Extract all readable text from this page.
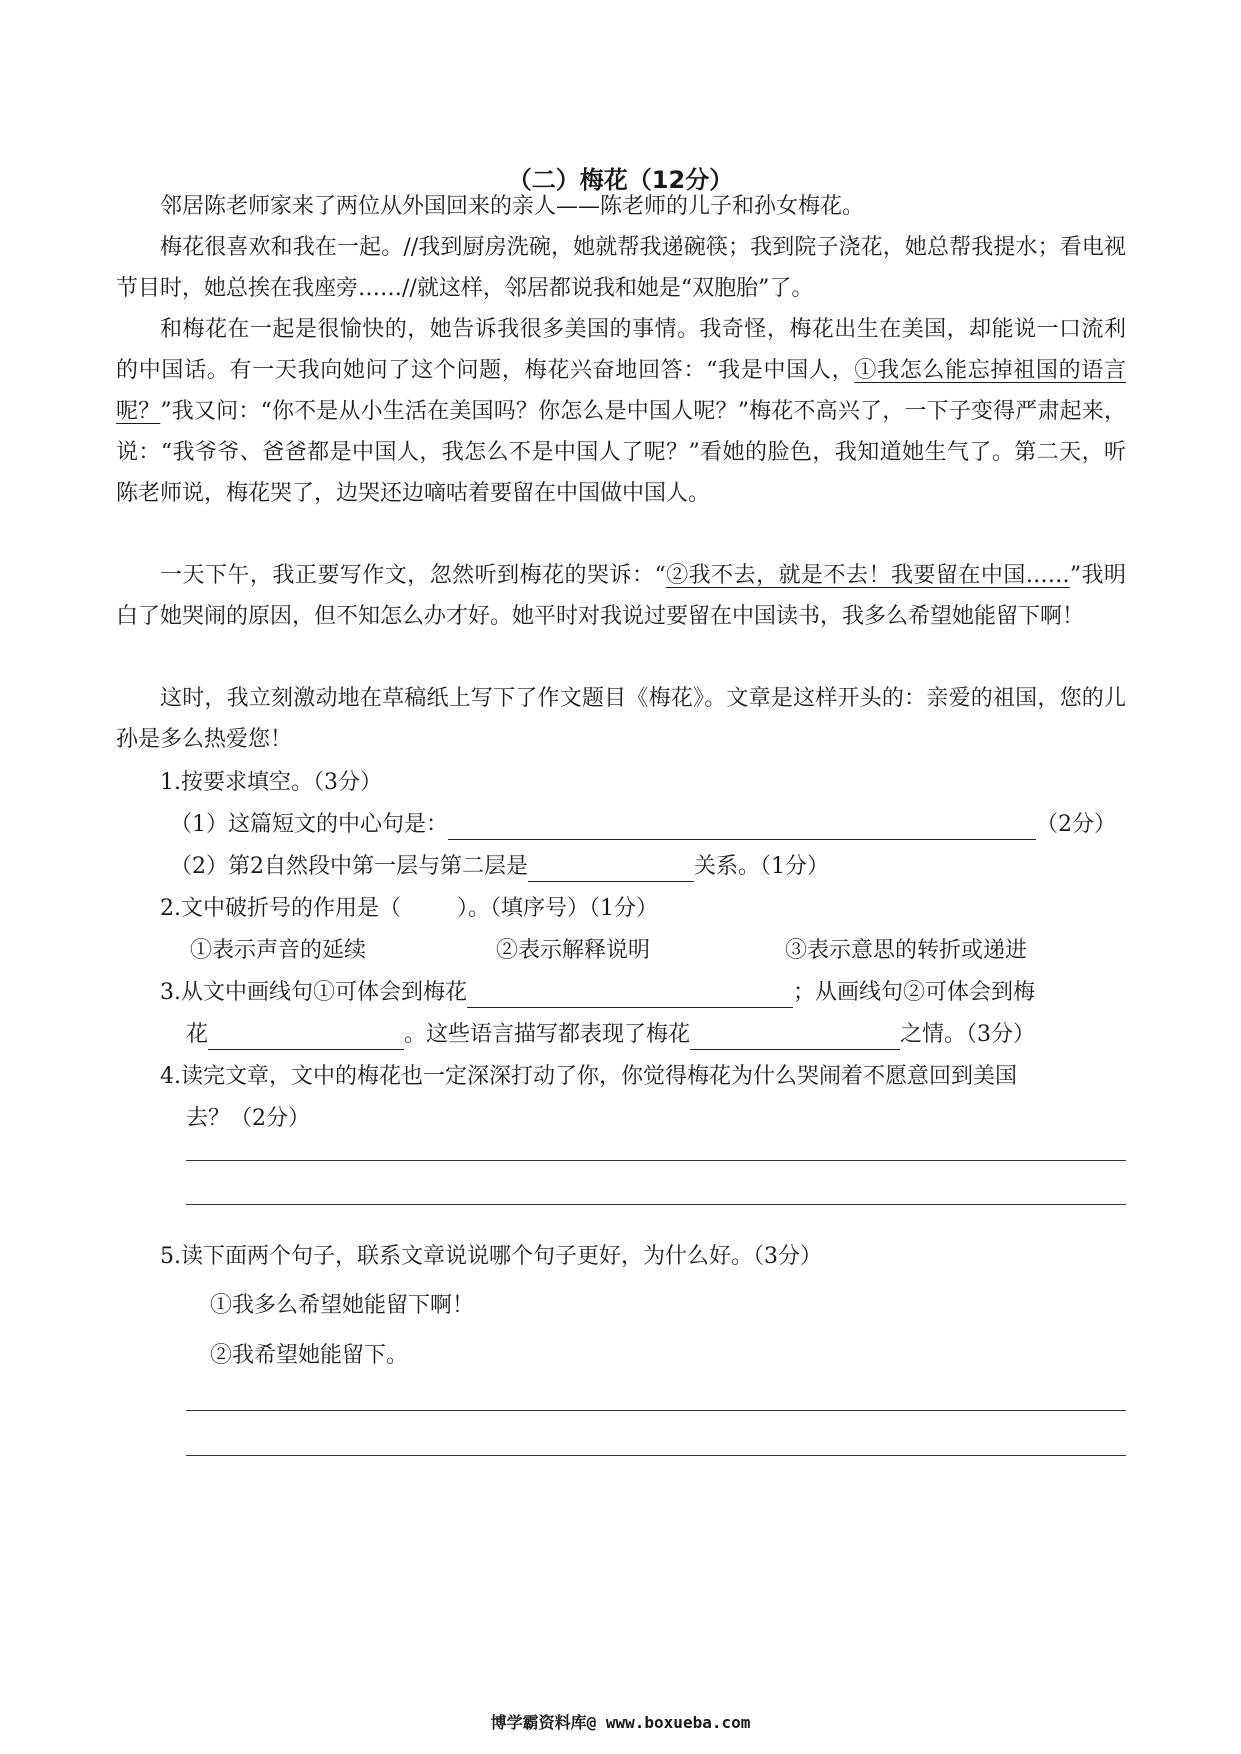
（二）梅花（12分）

邻居陈老师家来了两位从外国回来的亲人——陈老师的儿子和孙女梅花。

梅花很喜欢和我在一起。//我到厨房洗碗，她就帮我递碗筷；我到院子浇花，她总帮我提水；看电视节目时，她总挨在我座旁……//就这样，邻居都说我和她是“双胞胎”了。

和梅花在一起是很愉快的，她告诉我很多美国的事情。我奇怪，梅花出生在美国，却能说一口流利的中国话。有一天我向她问了这个问题，梅花兴奋地回答：“我是中国人，①我怎么能忘掉祖国的语言呢？”我又问：“你不是从小生活在美国吗？你怎么是中国人呢？”梅花不高兴了，一下子变得严肃起来，说：“我爷爷、爸爸都是中国人，我怎么不是中国人了呢？”看她的脸色，我知道她生气了。第二天，听陈老师说，梅花哭了，边哭还边嘀咕着要留在中国做中国人。

一天下午，我正要写作文，忽然听到梅花的哭诉：“②我不去，就是不去！我要留在中国……”我明白了她哭闹的原因，但不知怎么办才好。她平时对我说过要留在中国读书，我多么希望她能留下啊！

这时，我立刻激动地在草稿纸上写下了作文题目《梅花》。文章是这样开头的：亲爱的祖国，您的儿孙是多么热爱您！

1.按要求填空。（3分）
（1）这篇短文的中心句是：	（2分）
（2）第2自然段中第一层与第二层是	关系。（1分）
2.文中破折号的作用是（	）。（填序号）（1分）
①表示声音的延续	②表示解释说明	③表示意思的转折或递进
3.从文中画线句①可体会到梅花	；从画线句②可体会到梅
花	。这些语言描写都表现了梅花	之情。（3分）
4.读完文章，文中的梅花也一定深深打动了你，你觉得梅花为什么哭闹着不愿意回到美国
去？（2分）
5.读下面两个句子，联系文章说说哪个句子更好，为什么好。（3分）
①我多么希望她能留下啊！
②我希望她能留下。
博学霸资料库@ www.boxueba.com
